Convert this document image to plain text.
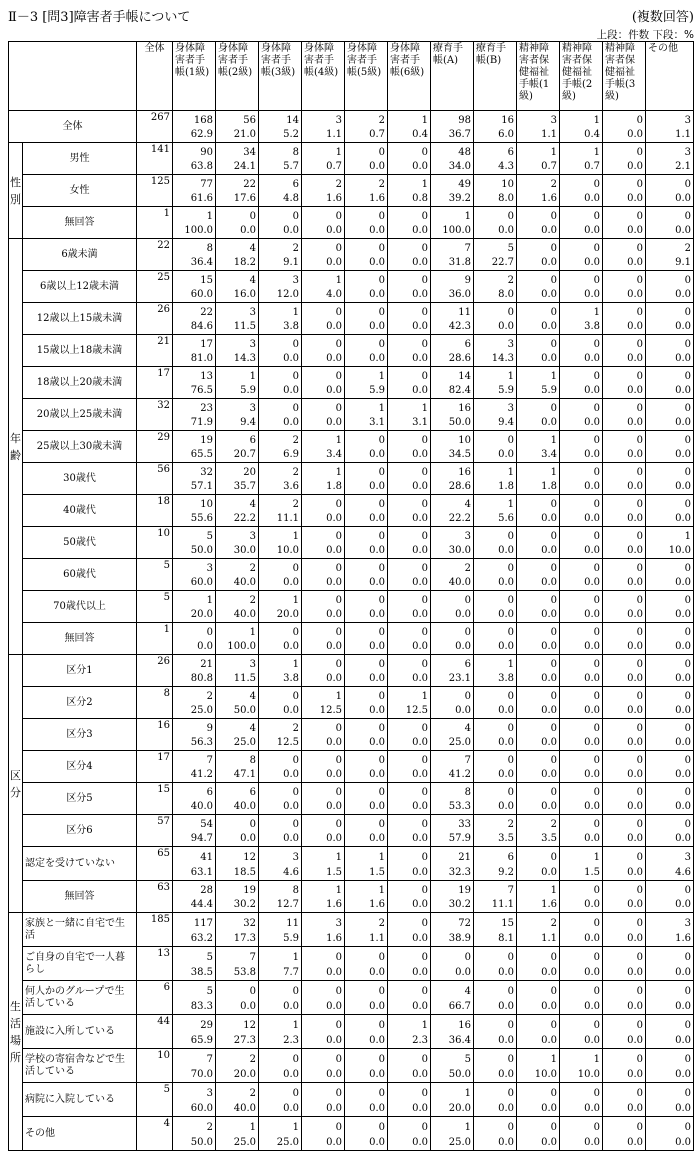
Ⅱ－3 [問3]障害者手帳について	(複数回答)
上段：件数 下段：%
		全体	身体障害者手帳(1級)	身体障害者手帳(2級)	身体障害者手帳(3級)	身体障害者手帳(4級)	身体障害者手帳(5級)	身体障害者手帳(6級)	療育手帳(A)	療育手帳(B)	精神障害者保健福祉手帳(1級)	精神障害者保健福祉手帳(2級)	精神障害者保健福祉手帳(3級)	その他
全体		267	168	56	14	3	2	1	98	16	3	1	0	3
			62.9	21.0	5.2	1.1	0.7	0.4	36.7	6.0	1.1	0.4	0.0	1.1
性別	男性	141	90	34	8	1	0	0	48	6	1	1	0	3
			63.8	24.1	5.7	0.7	0.0	0.0	34.0	4.3	0.7	0.7	0.0	2.1
	女性	125	77	22	6	2	2	1	49	10	2	0	0	0
			61.6	17.6	4.8	1.6	1.6	0.8	39.2	8.0	1.6	0.0	0.0	0.0
	無回答	1	1	0	0	0	0	0	1	0	0	0	0	0
			100.0	0.0	0.0	0.0	0.0	0.0	100.0	0.0	0.0	0.0	0.0	0.0
年齢	6歳未満	22	8	4	2	0	0	0	7	5	0	0	0	2
			36.4	18.2	9.1	0.0	0.0	0.0	31.8	22.7	0.0	0.0	0.0	9.1
	6歳以上12歳未満	25	15	4	3	1	0	0	9	2	0	0	0	0
			60.0	16.0	12.0	4.0	0.0	0.0	36.0	8.0	0.0	0.0	0.0	0.0
	12歳以上15歳未満	26	22	3	1	0	0	0	11	0	0	1	0	0
			84.6	11.5	3.8	0.0	0.0	0.0	42.3	0.0	0.0	3.8	0.0	0.0
	15歳以上18歳未満	21	17	3	0	0	0	0	6	3	0	0	0	0
			81.0	14.3	0.0	0.0	0.0	0.0	28.6	14.3	0.0	0.0	0.0	0.0
	18歳以上20歳未満	17	13	1	0	0	1	0	14	1	1	0	0	0
			76.5	5.9	0.0	0.0	5.9	0.0	82.4	5.9	5.9	0.0	0.0	0.0
	20歳以上25歳未満	32	23	3	0	0	1	1	16	3	0	0	0	0
			71.9	9.4	0.0	0.0	3.1	3.1	50.0	9.4	0.0	0.0	0.0	0.0
	25歳以上30歳未満	29	19	6	2	1	0	0	10	0	1	0	0	0
			65.5	20.7	6.9	3.4	0.0	0.0	34.5	0.0	3.4	0.0	0.0	0.0
	30歳代	56	32	20	2	1	0	0	16	1	1	0	0	0
			57.1	35.7	3.6	1.8	0.0	0.0	28.6	1.8	1.8	0.0	0.0	0.0
	40歳代	18	10	4	2	0	0	0	4	1	0	0	0	0
			55.6	22.2	11.1	0.0	0.0	0.0	22.2	5.6	0.0	0.0	0.0	0.0
	50歳代	10	5	3	1	0	0	0	3	0	0	0	0	1
			50.0	30.0	10.0	0.0	0.0	0.0	30.0	0.0	0.0	0.0	0.0	10.0
	60歳代	5	3	2	0	0	0	0	2	0	0	0	0	0
			60.0	40.0	0.0	0.0	0.0	0.0	40.0	0.0	0.0	0.0	0.0	0.0
	70歳代以上	5	1	2	1	0	0	0	0	0	0	0	0	0
			20.0	40.0	20.0	0.0	0.0	0.0	0.0	0.0	0.0	0.0	0.0	0.0
	無回答	1	0	1	0	0	0	0	0	0	0	0	0	0
			0.0	100.0	0.0	0.0	0.0	0.0	0.0	0.0	0.0	0.0	0.0	0.0
区分	区分1	26	21	3	1	0	0	0	6	1	0	0	0	0
			80.8	11.5	3.8	0.0	0.0	0.0	23.1	3.8	0.0	0.0	0.0	0.0
	区分2	8	2	4	0	1	0	1	0	0	0	0	0	0
			25.0	50.0	0.0	12.5	0.0	12.5	0.0	0.0	0.0	0.0	0.0	0.0
	区分3	16	9	4	2	0	0	0	4	0	0	0	0	0
			56.3	25.0	12.5	0.0	0.0	0.0	25.0	0.0	0.0	0.0	0.0	0.0
	区分4	17	7	8	0	0	0	0	7	0	0	0	0	0
			41.2	47.1	0.0	0.0	0.0	0.0	41.2	0.0	0.0	0.0	0.0	0.0
	区分5	15	6	6	0	0	0	0	8	0	0	0	0	0
			40.0	40.0	0.0	0.0	0.0	0.0	53.3	0.0	0.0	0.0	0.0	0.0
	区分6	57	54	0	0	0	0	0	33	2	2	0	0	0
			94.7	0.0	0.0	0.0	0.0	0.0	57.9	3.5	3.5	0.0	0.0	0.0
	認定を受けていない	65	41	12	3	1	1	0	21	6	0	1	0	3
			63.1	18.5	4.6	1.5	1.5	0.0	32.3	9.2	0.0	1.5	0.0	4.6
	無回答	63	28	19	8	1	1	0	19	7	1	0	0	0
			44.4	30.2	12.7	1.6	1.6	0.0	30.2	11.1	1.6	0.0	0.0	0.0
生活場所	家族と一緒に自宅で生活	185	117	32	11	3	2	0	72	15	2	0	0	3
			63.2	17.3	5.9	1.6	1.1	0.0	38.9	8.1	1.1	0.0	0.0	1.6
	ご自身の自宅で一人暮らし	13	5	7	1	0	0	0	0	0	0	0	0	0
			38.5	53.8	7.7	0.0	0.0	0.0	0.0	0.0	0.0	0.0	0.0	0.0
	何人かのグループで生活している	6	5	0	0	0	0	0	4	0	0	0	0	0
			83.3	0.0	0.0	0.0	0.0	0.0	66.7	0.0	0.0	0.0	0.0	0.0
	施設に入所している	44	29	12	1	0	0	1	16	0	0	0	0	0
			65.9	27.3	2.3	0.0	0.0	2.3	36.4	0.0	0.0	0.0	0.0	0.0
	学校の寄宿舎などで生活している	10	7	2	0	0	0	0	5	0	1	1	0	0
			70.0	20.0	0.0	0.0	0.0	0.0	50.0	0.0	10.0	10.0	0.0	0.0
	病院に入院している	5	3	2	0	0	0	0	1	0	0	0	0	0
			60.0	40.0	0.0	0.0	0.0	0.0	20.0	0.0	0.0	0.0	0.0	0.0
	その他	4	2	1	1	0	0	0	1	0	0	0	0	0
			50.0	25.0	25.0	0.0	0.0	0.0	25.0	0.0	0.0	0.0	0.0	0.0
